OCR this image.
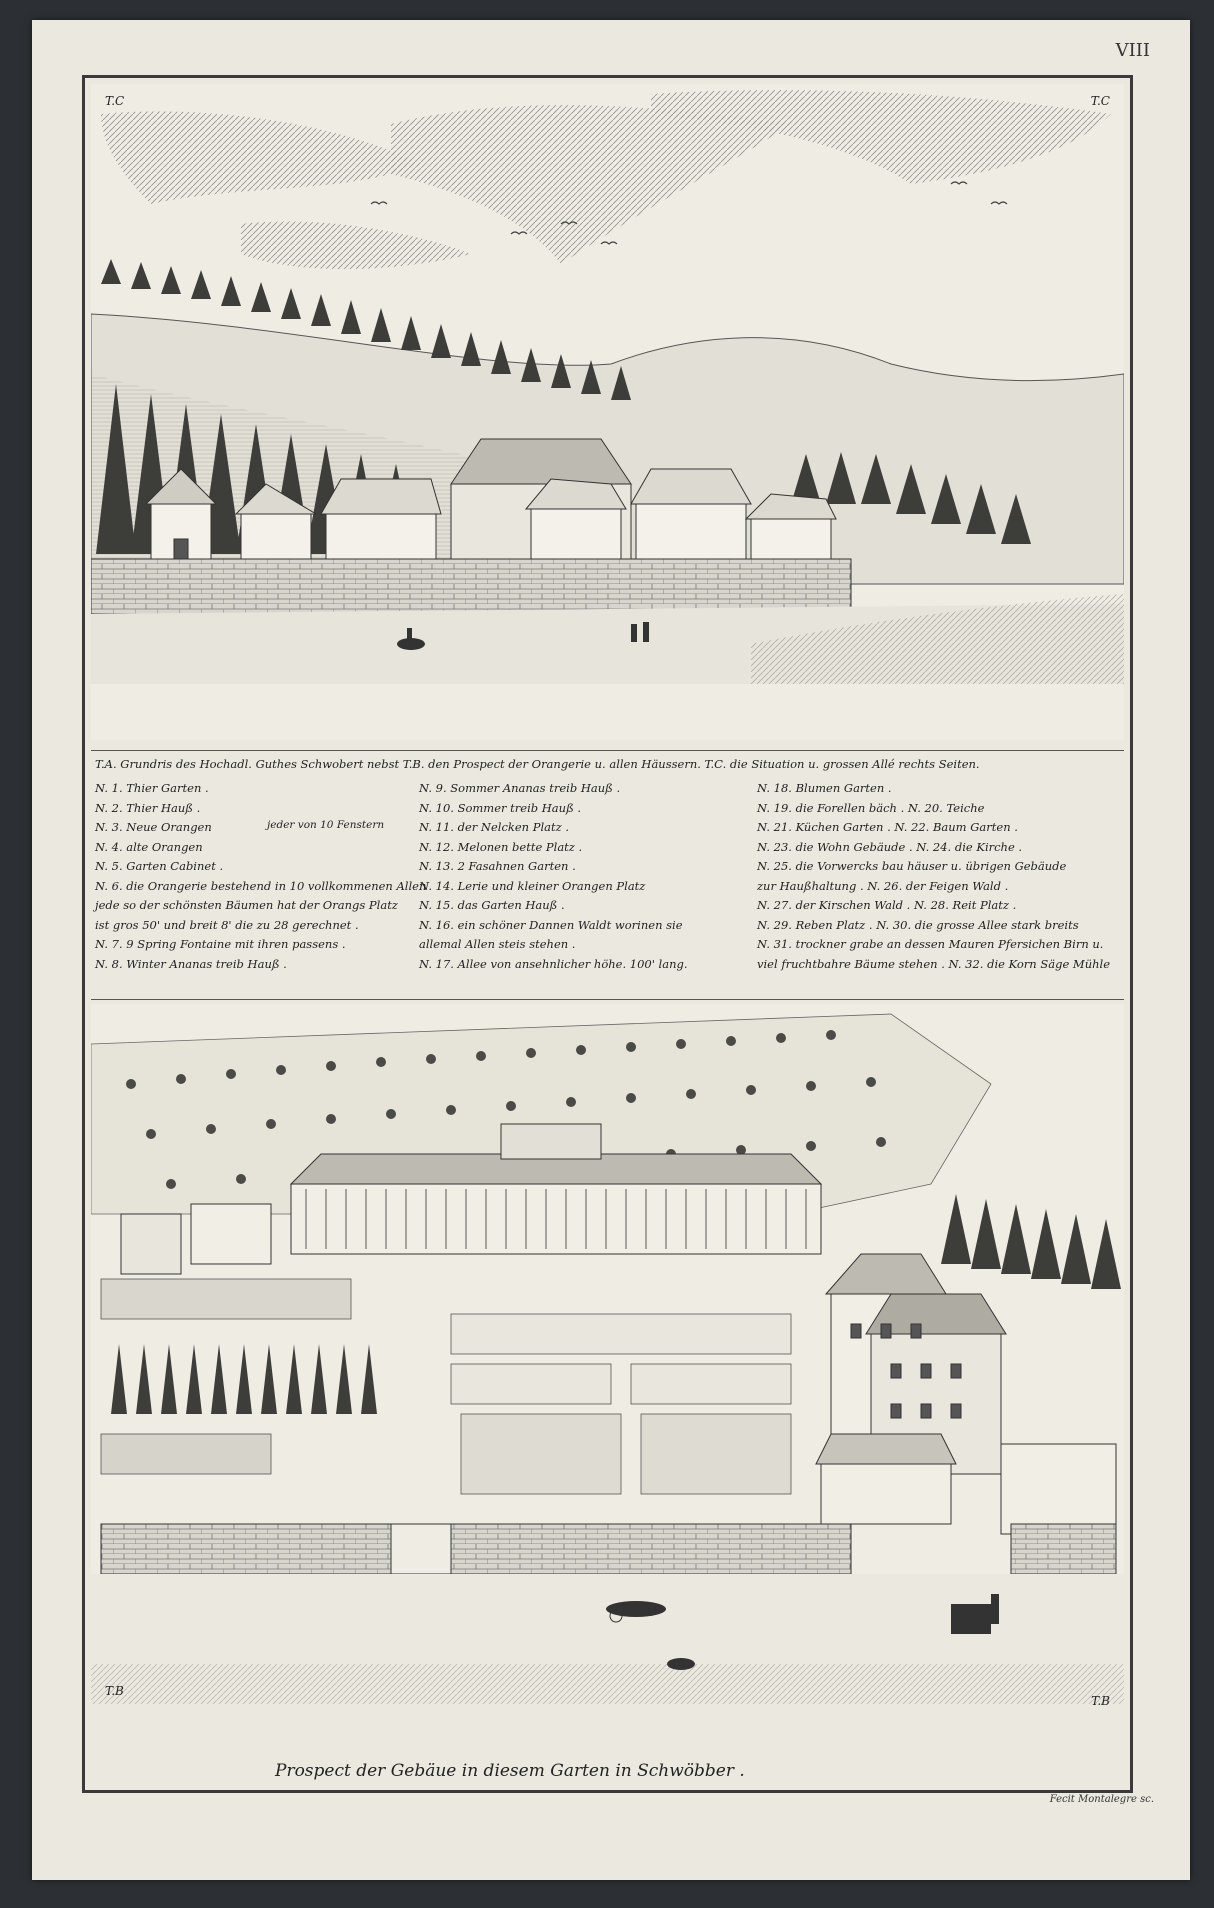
VIII
T.C	T.C
T.A. Grundris des Hochadl. Guthes Schwobert nebst T.B. den Prospect der Orangerie u. allen Häussern. T.C. die Situation u. grossen Allé rechts Seiten.
N. 1. Thier Garten .
N. 2. Thier Hauß .
N. 3. Neue Orangen
N. 4. alte Orangen
N. 5. Garten Cabinet .
N. 6. die Orangerie bestehend in 10 vollkommenen Allen
jede so der schönsten Bäumen hat der Orangs Platz
ist gros 50' und breit 8' die zu 28 gerechnet .
N. 7. 9 Spring Fontaine mit ihren passens .
N. 8. Winter Ananas treib Hauß .
jeder von 10 Fenstern
N. 9. Sommer Ananas treib Hauß .
N. 10. Sommer treib Hauß .
N. 11. der Nelcken Platz .
N. 12. Melonen bette Platz .
N. 13. 2 Fasahnen Garten .
N. 14. Lerie und kleiner Orangen Platz
N. 15. das Garten Hauß .
N. 16. ein schöner Dannen Waldt worinen sie
allemal Allen steis stehen .
N. 17. Allee von ansehnlicher höhe. 100' lang.
N. 18. Blumen Garten .
N. 19. die Forellen bäch . N. 20. Teiche
N. 21. Küchen Garten . N. 22. Baum Garten .
N. 23. die Wohn Gebäude . N. 24. die Kirche .
N. 25. die Vorwercks bau häuser u. übrigen Gebäude
zur Haußhaltung . N. 26. der Feigen Wald .
N. 27. der Kirschen Wald . N. 28. Reit Platz .
N. 29. Reben Platz . N. 30. die grosse Allee stark breits
N. 31. trockner grabe an dessen Mauren Pfersichen Birn u.
viel fruchtbahre Bäume stehen . N. 32. die Korn Säge Mühle
T.B
T.B
Prospect der Gebäue in diesem Garten in Schwöbber .
Fecit Montalegre sc.
